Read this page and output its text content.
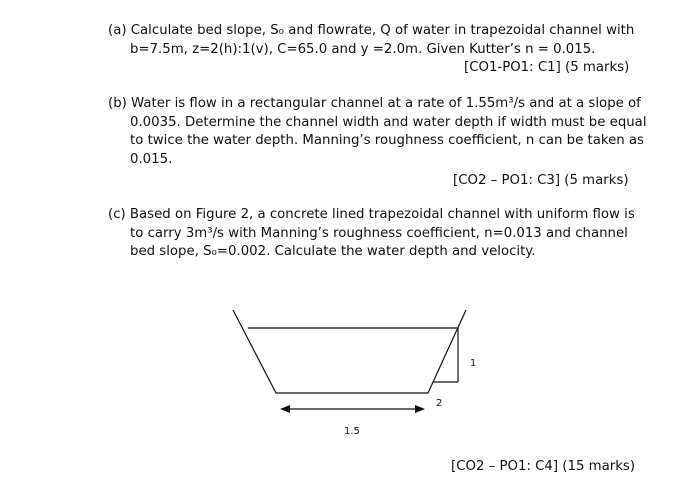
(a) Calculate bed slope, S₀ and flowrate, Q of water in trapezoidal channel with
b=7.5m, z=2(h):1(v), C=65.0 and y =2.0m. Given Kutter’s n = 0.015.
[CO1-PO1: C1] (5 marks)
(b) Water is flow in a rectangular channel at a rate of 1.55m³/s and at a slope of
0.0035. Determine the channel width and water depth if width must be equal
to twice the water depth. Manning’s roughness coefficient, n can be taken as
0.015.
[CO2 – PO1: C3] (5 marks)
(c) Based on Figure 2, a concrete lined trapezoidal channel with uniform flow is
to carry 3m³/s with Manning’s roughness coefficient, n=0.013 and channel
bed slope, S₀=0.002. Calculate the water depth and velocity.
1
2
1.5
[CO2 – PO1: C4] (15 marks)
